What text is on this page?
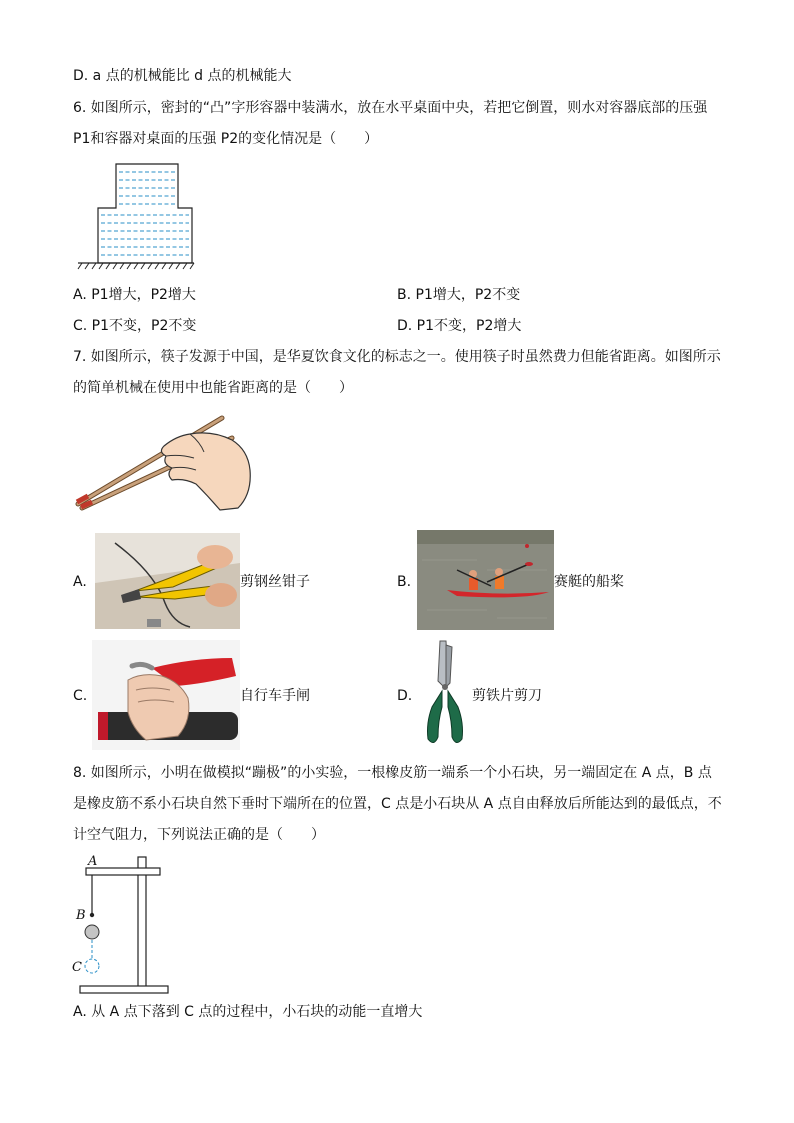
D. a 点的机械能比 d 点的机械能大
6. 如图所示，密封的“凸”字形容器中装满水，放在水平桌面中央，若把它倒置，则水对容器底部的压强
P1和容器对桌面的压强 P2的变化情况是（　　）
A. P1增大，P2增大	B. P1增大，P2不变
C. P1不变，P2不变	D. P1不变，P2增大
7. 如图所示，筷子发源于中国，是华夏饮食文化的标志之一。使用筷子时虽然费力但能省距离。如图所示
的简单机械在使用中也能省距离的是（　　）
A.	剪钢丝钳子	B.	赛艇的船桨
C.	自行车手闸	D.	剪铁片剪刀
8. 如图所示，小明在做模拟“蹦极”的小实验，一根橡皮筋一端系一个小石块，另一端固定在 A 点，B 点
是橡皮筋不系小石块自然下垂时下端所在的位置，C 点是小石块从 A 点自由释放后所能达到的最低点，不
计空气阻力，下列说法正确的是（　　）
A
B
C
A. 从 A 点下落到 C 点的过程中，小石块的动能一直增大
